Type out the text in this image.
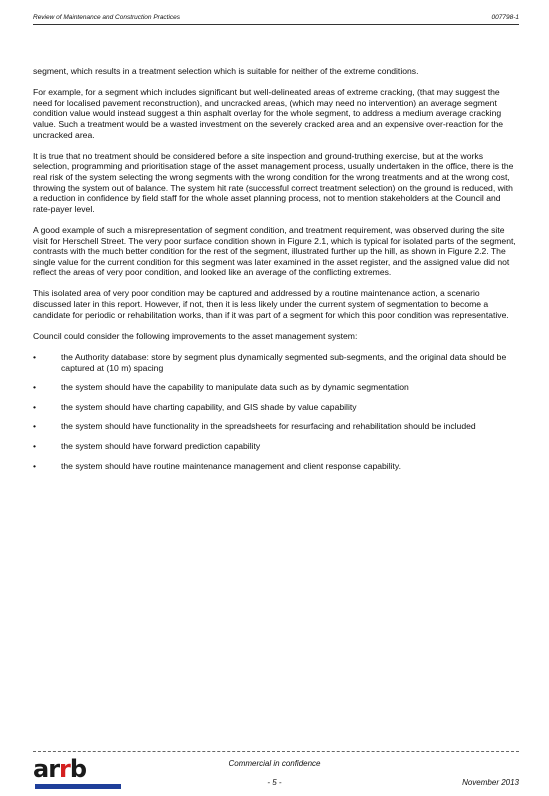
Review of Maintenance and Construction Practices	007798-1

segment, which results in a treatment selection which is suitable for neither of the extreme conditions.

For example, for a segment which includes significant but well-delineated areas of extreme cracking, (that may suggest the need for localised pavement reconstruction), and uncracked areas, (which may need no intervention) an average segment condition value would instead suggest a thin asphalt overlay for the whole segment, to address a medium average cracking value. Such a treatment would be a wasted investment on the severely cracked area and an expensive over-reaction for the uncracked area.

It is true that no treatment should be considered before a site inspection and ground-truthing exercise, but at the works selection, programming and prioritisation stage of the asset management process, usually undertaken in the office, there is the real risk of the system selecting the wrong segments with the wrong condition for the wrong treatments and at the wrong cost, throwing the system out of balance. The system hit rate (successful correct treatment selection) on the ground is reduced, with a reduction in confidence by field staff for the whole asset planning process, not to mention stakeholders at the Council and rate-payer level.

A good example of such a misrepresentation of segment condition, and treatment requirement, was observed during the site visit for Herschell Street. The very poor surface condition shown in Figure 2.1, which is typical for isolated parts of the segment, contrasts with the much better condition for the rest of the segment, illustrated further up the hill, as shown in Figure 2.2. The single value for the current condition for this segment was later examined in the asset register, and the assigned value did not reflect the areas of very poor condition, and looked like an average of the conflicting extremes.

This isolated area of very poor condition may be captured and addressed by a routine maintenance action, a scenario discussed later in this report. However, if not, then it is less likely under the current system of segmentation to become a candidate for periodic or rehabilitation works, than if it was part of a segment for which this poor condition was representative.

Council could consider the following improvements to the asset management system:

•	the Authority database: store by segment plus dynamically segmented sub-segments, and the original data should be captured at (10 m) spacing
•	the system should have the capability to manipulate data such as by dynamic segmentation
•	the system should have charting capability, and GIS shade by value capability
•	the system should have functionality in the spreadsheets for resurfacing and rehabilitation should be included
•	the system should have forward prediction capability
•	the system should have routine maintenance management and client response capability.
arrb	Commercial in confidence
- 5 -	November 2013
